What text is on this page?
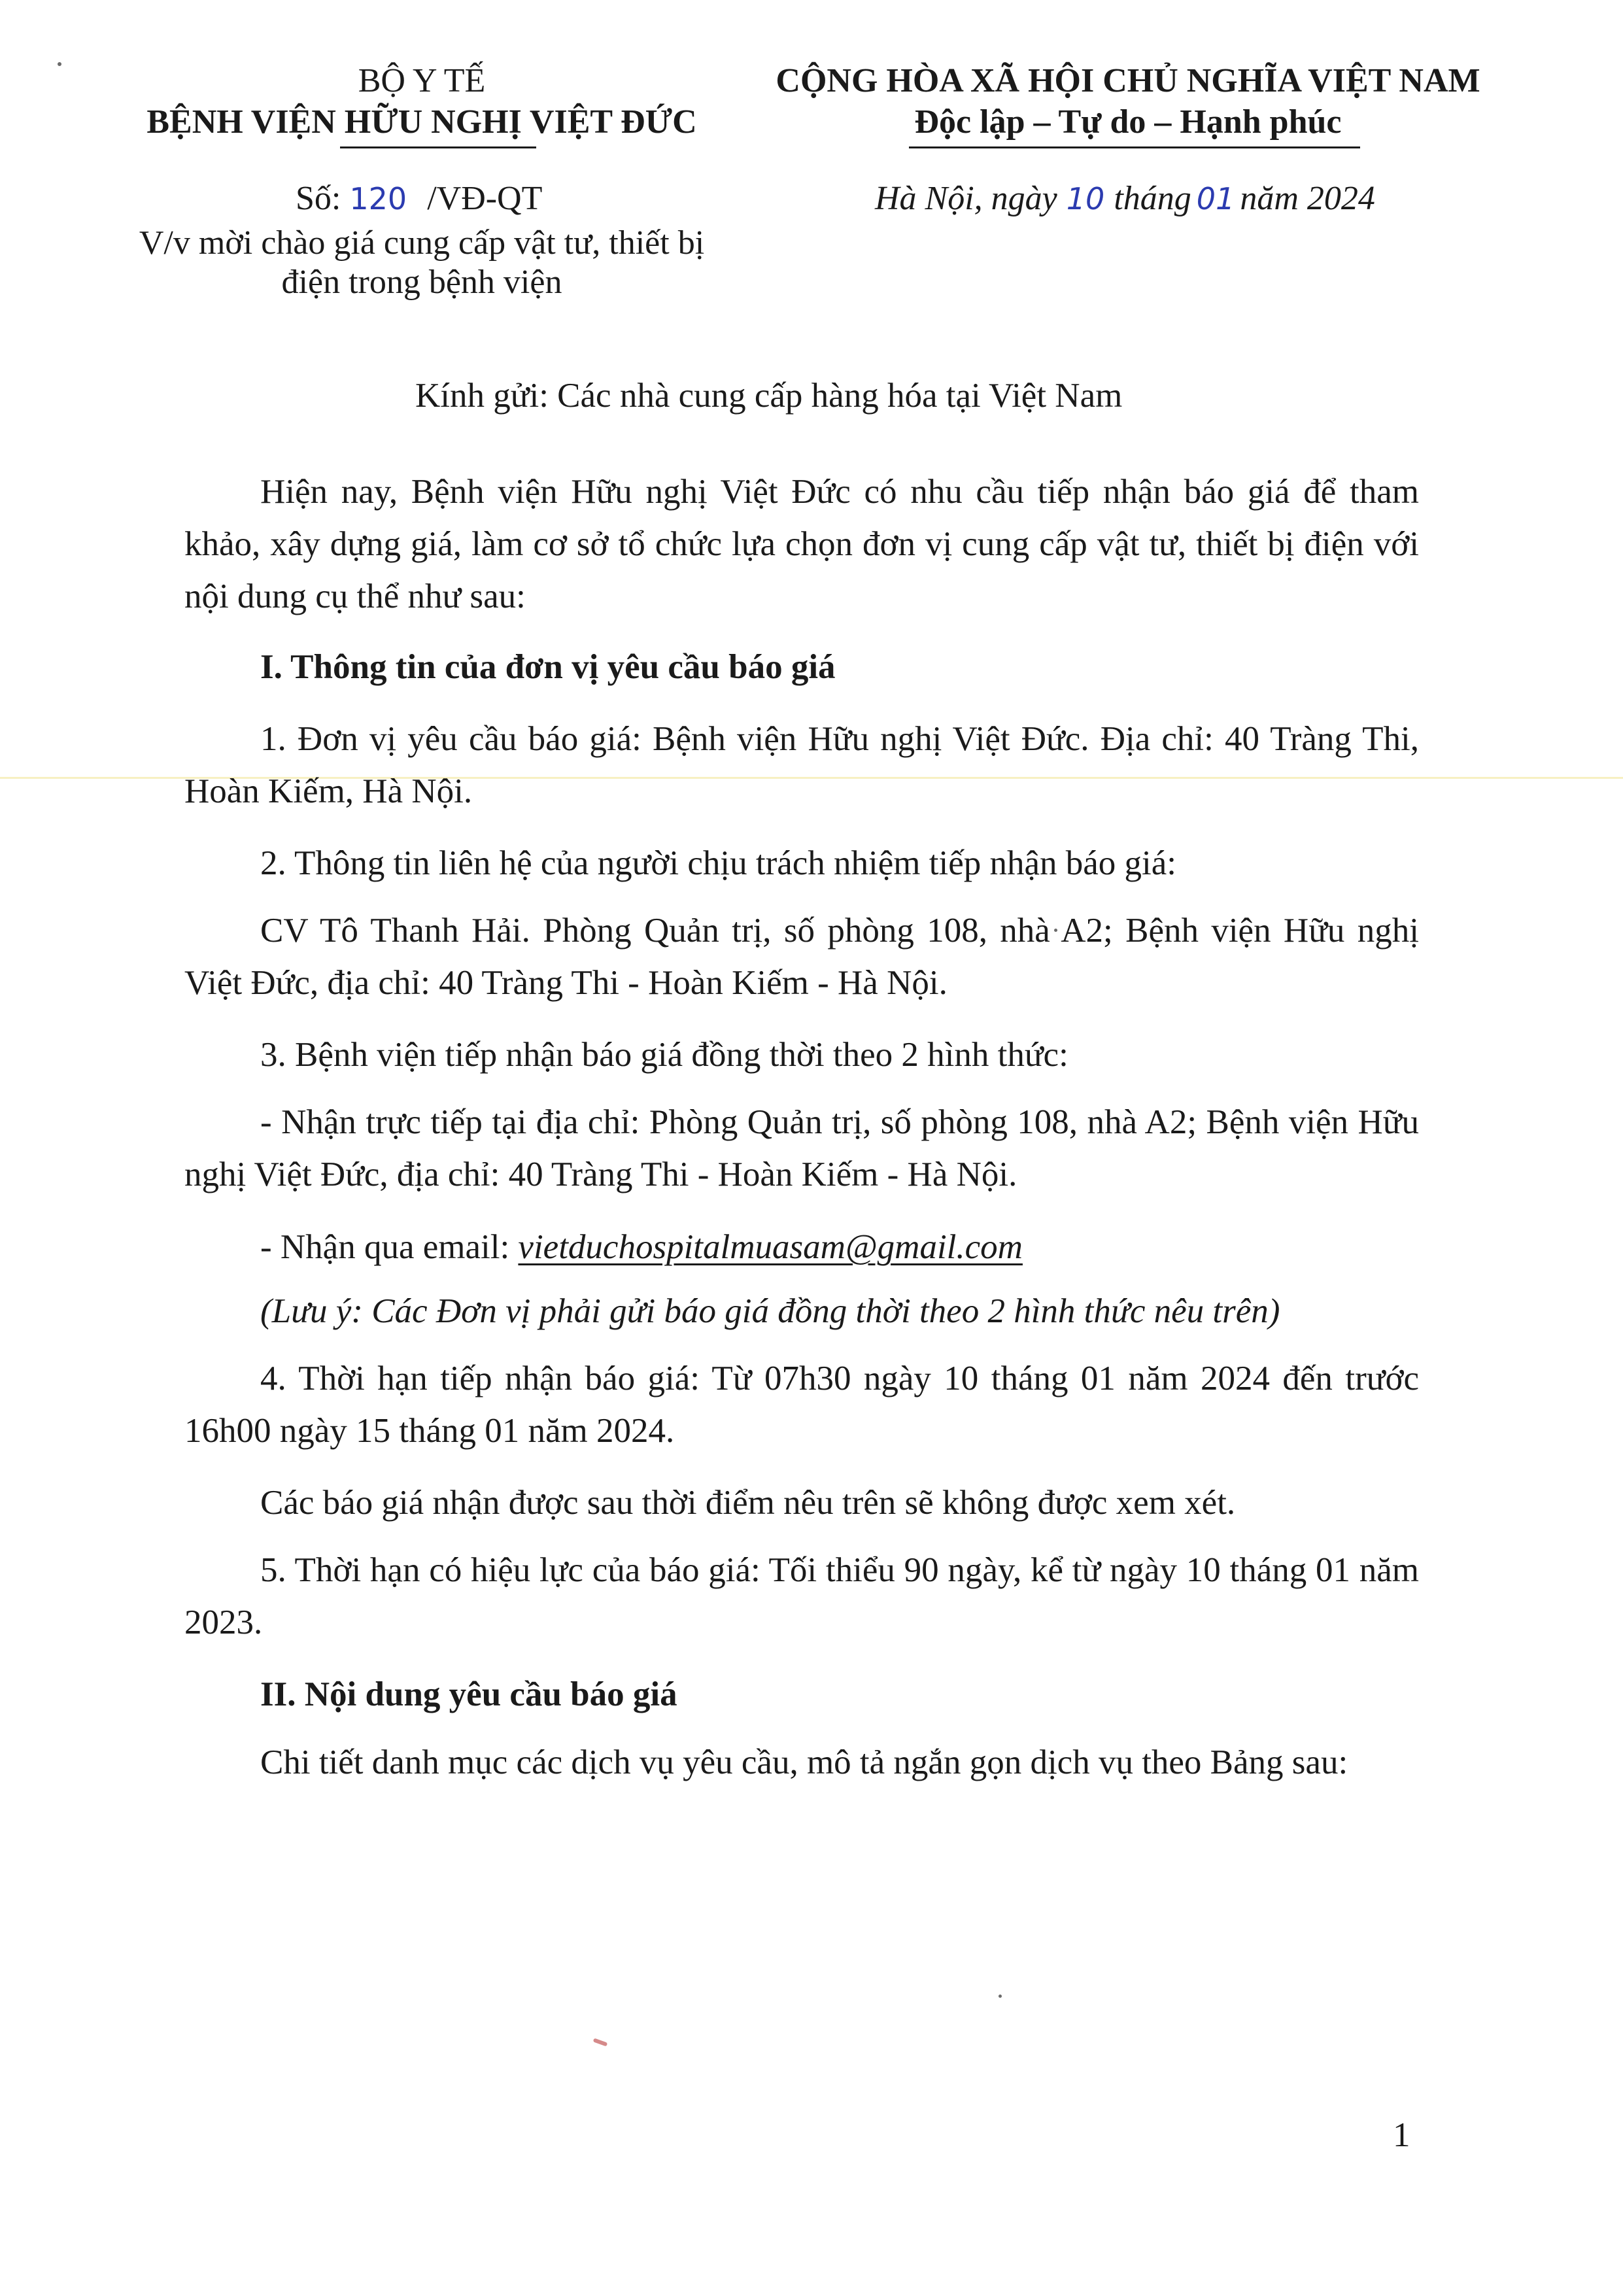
BỘ Y TẾ
BỆNH VIỆN HỮU NGHỊ VIỆT ĐỨC
Số: 120 /VĐ-QT
V/v mời chào giá cung cấp vật tư, thiết bị
điện trong bệnh viện
CỘNG HÒA XÃ HỘI CHỦ NGHĨA VIỆT NAM
Độc lập – Tự do – Hạnh phúc
Hà Nội, ngày 10 tháng 01 năm 2024
Kính gửi: Các nhà cung cấp hàng hóa tại Việt Nam
Hiện nay, Bệnh viện Hữu nghị Việt Đức có nhu cầu tiếp nhận báo giá để tham khảo, xây dựng giá, làm cơ sở tổ chức lựa chọn đơn vị cung cấp vật tư, thiết bị điện với nội dung cụ thể như sau:
I. Thông tin của đơn vị yêu cầu báo giá
1. Đơn vị yêu cầu báo giá: Bệnh viện Hữu nghị Việt Đức. Địa chỉ: 40 Tràng Thi, Hoàn Kiếm, Hà Nội.
2. Thông tin liên hệ của người chịu trách nhiệm tiếp nhận báo giá:
CV Tô Thanh Hải. Phòng Quản trị, số phòng 108, nhà A2; Bệnh viện Hữu nghị Việt Đức, địa chỉ: 40 Tràng Thi - Hoàn Kiếm - Hà Nội.
3. Bệnh viện tiếp nhận báo giá đồng thời theo 2 hình thức:
- Nhận trực tiếp tại địa chỉ: Phòng Quản trị, số phòng 108, nhà A2; Bệnh viện Hữu nghị Việt Đức, địa chỉ: 40 Tràng Thi - Hoàn Kiếm - Hà Nội.
- Nhận qua email: vietduchospitalmuasam@gmail.com
(Lưu ý: Các Đơn vị phải gửi báo giá đồng thời theo 2 hình thức nêu trên)
4. Thời hạn tiếp nhận báo giá: Từ 07h30 ngày 10 tháng 01 năm 2024 đến trước 16h00 ngày 15 tháng 01 năm 2024.
Các báo giá nhận được sau thời điểm nêu trên sẽ không được xem xét.
5. Thời hạn có hiệu lực của báo giá: Tối thiểu 90 ngày, kể từ ngày 10 tháng 01 năm 2023.
II. Nội dung yêu cầu báo giá
Chi tiết danh mục các dịch vụ yêu cầu, mô tả ngắn gọn dịch vụ theo Bảng sau:
1
